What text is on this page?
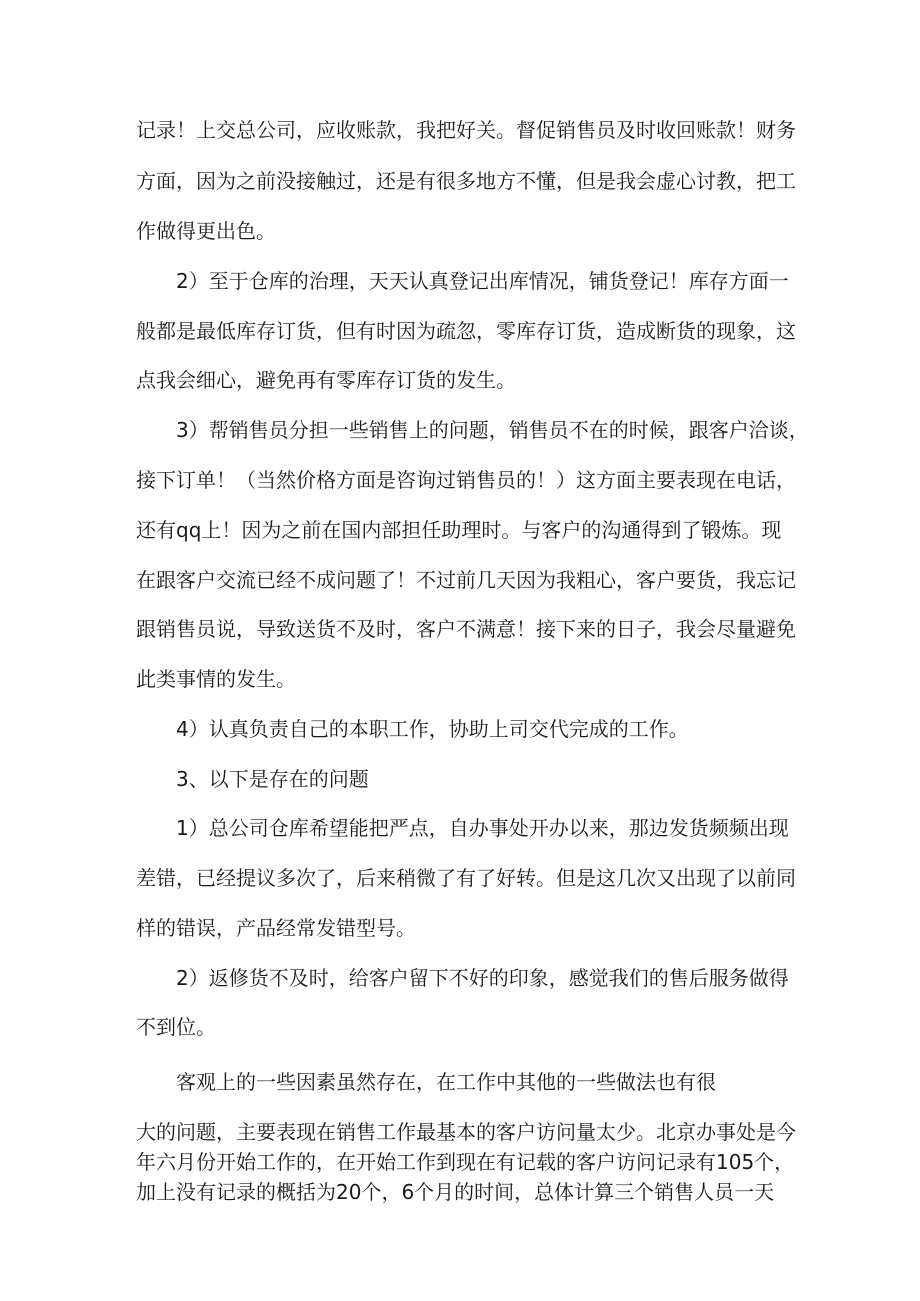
记录！上交总公司，应收账款，我把好关。督促销售员及时收回账款！财务

方面，因为之前没接触过，还是有很多地方不懂，但是我会虚心讨教，把工

作做得更出色。

2）至于仓库的治理，天天认真登记出库情况，铺货登记！库存方面一

般都是最低库存订货，但有时因为疏忽，零库存订货，造成断货的现象，这

点我会细心，避免再有零库存订货的发生。

3）帮销售员分担一些销售上的问题，销售员不在的时候，跟客户洽谈，

接下订单！（当然价格方面是咨询过销售员的！）这方面主要表现在电话，

还有qq上！因为之前在国内部担任助理时。与客户的沟通得到了锻炼。现

在跟客户交流已经不成问题了！不过前几天因为我粗心，客户要货，我忘记

跟销售员说，导致送货不及时，客户不满意！接下来的日子，我会尽量避免

此类事情的发生。

4）认真负责自己的本职工作，协助上司交代完成的工作。

3、以下是存在的问题

1）总公司仓库希望能把严点，自办事处开办以来，那边发货频频出现

差错，已经提议多次了，后来稍微了有了好转。但是这几次又出现了以前同

样的错误，产品经常发错型号。

2）返修货不及时，给客户留下不好的印象，感觉我们的售后服务做得

不到位。

客观上的一些因素虽然存在，在工作中其他的一些做法也有很

大的问题，主要表现在销售工作最基本的客户访问量太少。北京办事处是今

年六月份开始工作的，在开始工作到现在有记载的客户访问记录有105个，

加上没有记录的概括为20个，6个月的时间，总体计算三个销售人员一天
